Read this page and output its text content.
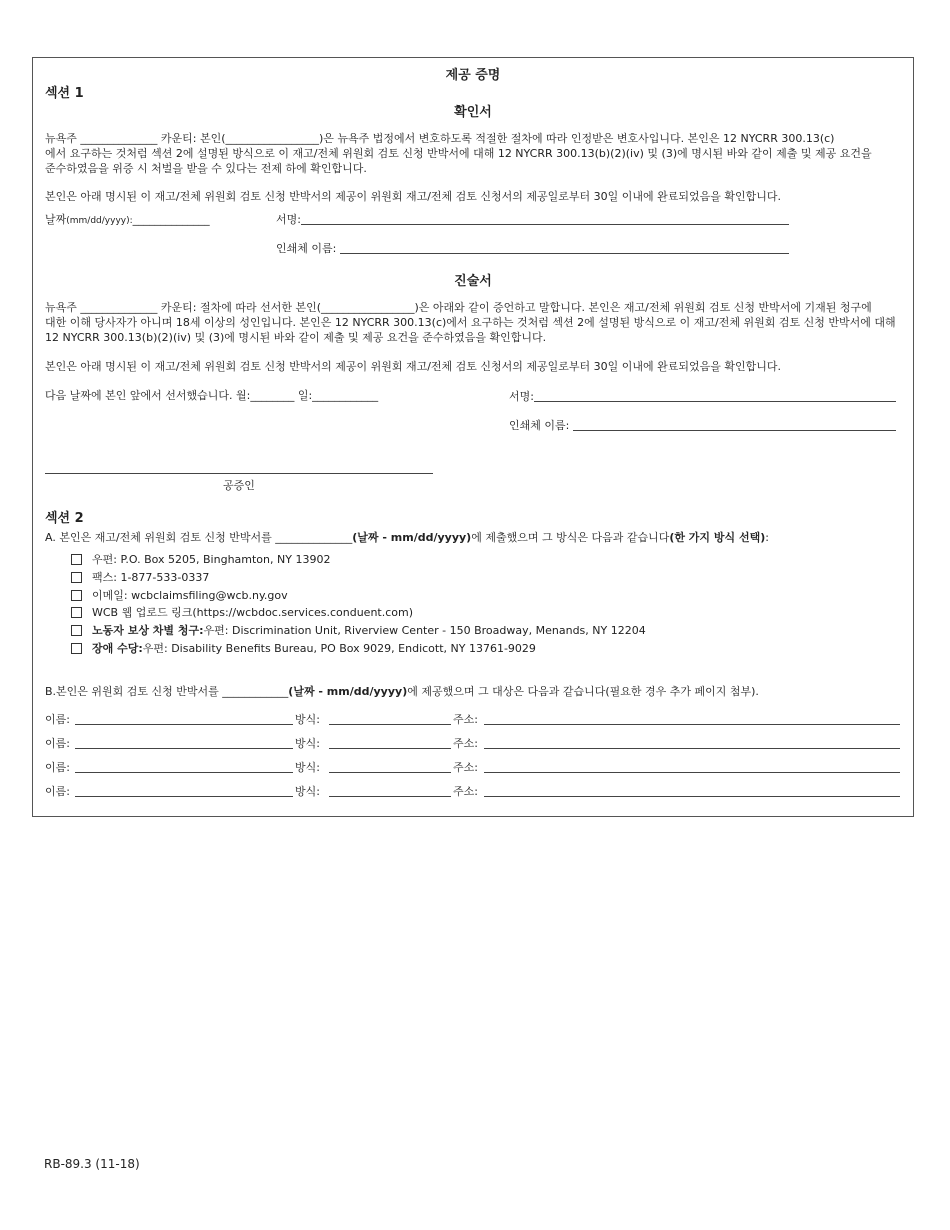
제공 증명
섹션 1
확인서
뉴욕주 ______________ 카운티: 본인(_________________)은 뉴욕주 법정에서 변호하도록 적절한 절차에 따라 인정받은 변호사입니다. 본인은 12 NYCRR 300.13(c)
에서 요구하는 것처럼 섹션 2에 설명된 방식으로 이 재고/전체 위원회 검토 신청 반박서에 대해 12 NYCRR 300.13(b)(2)(iv) 및 (3)에 명시된 바와 같이 제출 및 제공 요건을
준수하였음을 위증 시 처벌을 받을 수 있다는 전제 하에 확인합니다.
본인은 아래 명시된 이 재고/전체 위원회 검토 신청 반박서의 제공이 위원회 재고/전체 검토 신청서의 제공일로부터 30일 이내에 완료되었음을 확인합니다.
날짜(mm/dd/yyyy):______________	서명:
인쇄체 이름:
진술서
뉴욕주 ______________ 카운티: 절차에 따라 선서한 본인(_________________)은 아래와 같이 증언하고 말합니다. 본인은 재고/전체 위원회 검토 신청 반박서에 기재된 청구에
대한 이해 당사자가 아니며 18세 이상의 성인입니다. 본인은 12 NYCRR 300.13(c)에서 요구하는 것처럼 섹션 2에 설명된 방식으로 이 재고/전체 위원회 검토 신청 반박서에 대해
12 NYCRR 300.13(b)(2)(iv) 및 (3)에 명시된 바와 같이 제출 및 제공 요건을 준수하였음을 확인합니다.
본인은 아래 명시된 이 재고/전체 위원회 검토 신청 반박서의 제공이 위원회 재고/전체 검토 신청서의 제공일로부터 30일 이내에 완료되었음을 확인합니다.
다음 날짜에 본인 앞에서 선서했습니다. 월:________ 일:____________	서명:
인쇄체 이름:
공증인
섹션 2
A. 본인은 재고/전체 위원회 검토 신청 반박서를 ______________(날짜 - mm/dd/yyyy)에 제출했으며 그 방식은 다음과 같습니다(한 가지 방식 선택):
우편: P.O. Box 5205, Binghamton, NY 13902
팩스: 1-877-533-0337
이메일: wcbclaimsfiling@wcb.ny.gov
WCB 웹 업로드 링크(https://wcbdoc.services.conduent.com)
노동자 보상 차별 청구: 우편: Discrimination Unit, Riverview Center - 150 Broadway, Menands, NY 12204
장애 수당: 우편: Disability Benefits Bureau, PO Box 9029, Endicott, NY 13761-9029
B.본인은 위원회 검토 신청 반박서를 ____________(날짜 - mm/dd/yyyy)에 제공했으며 그 대상은 다음과 같습니다(필요한 경우 추가 페이지 첨부).
이름:	방식:	주소:
이름:	방식:	주소:
이름:	방식:	주소:
이름:	방식:	주소:
RB-89.3 (11-18)
